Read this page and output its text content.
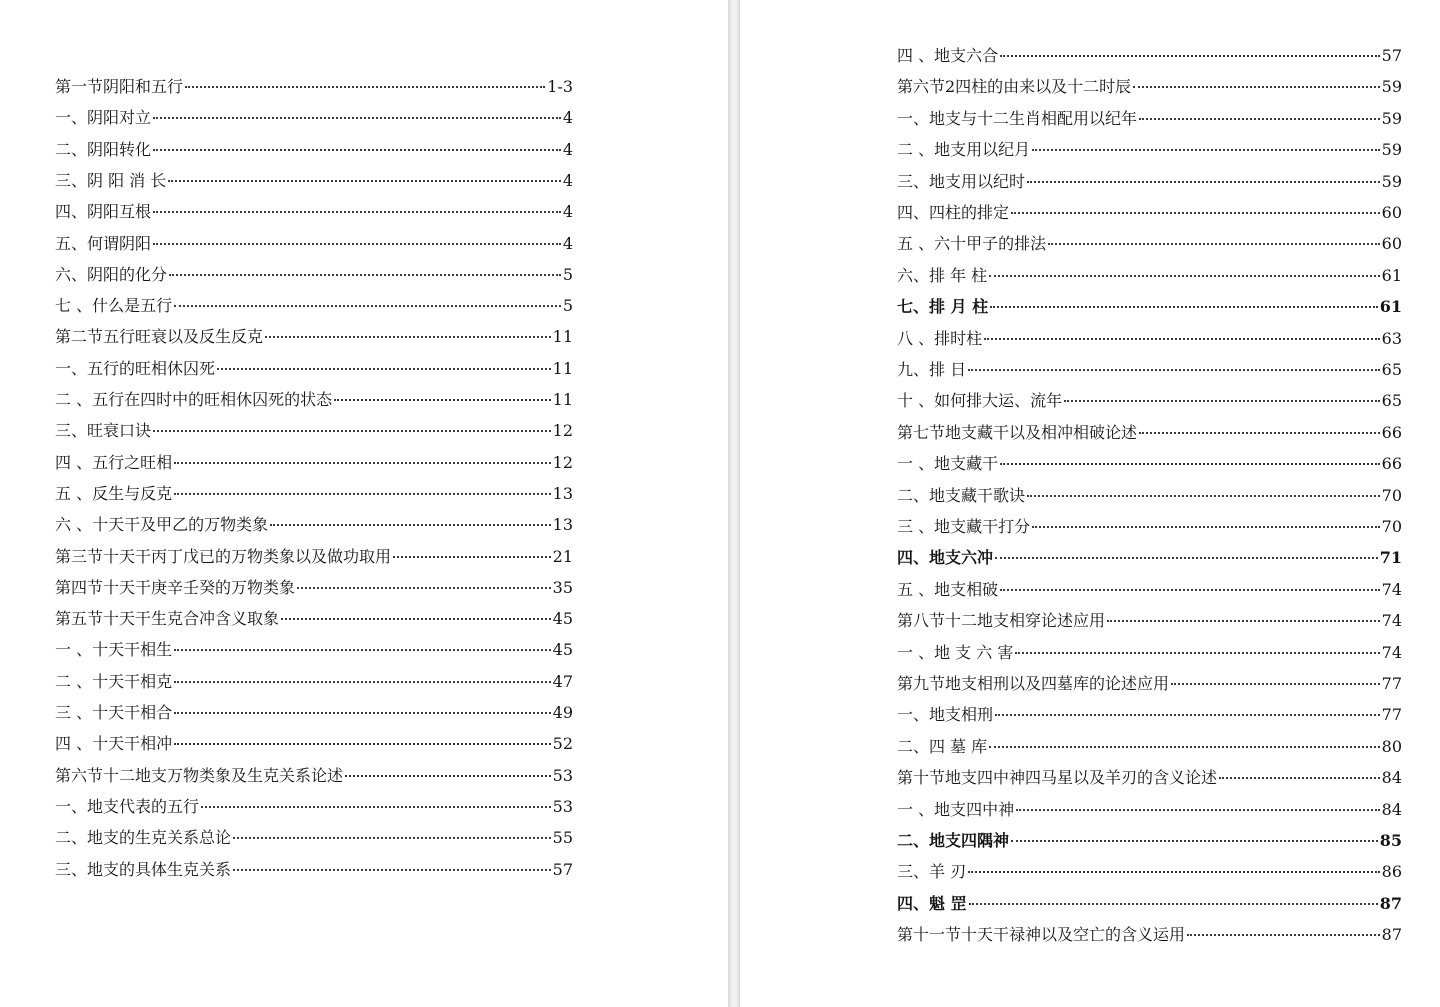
第一节阴阳和五行	1-3
一、阴阳对立	4
二、阴阳转化	4
三、阴 阳 消 长	4
四、阴阳互根	4
五、何谓阴阳	4
六、阴阳的化分	5
七 、什么是五行	5
第二节五行旺衰以及反生反克	11
一、五行的旺相休囚死	11
二 、五行在四时中的旺相休囚死的状态	11
三、旺衰口诀	12
四 、五行之旺相	12
五 、反生与反克	13
六 、十天干及甲乙的万物类象	13
第三节十天干丙丁戊已的万物类象以及做功取用	21
第四节十天干庚辛壬癸的万物类象	35
第五节十天干生克合冲含义取象	45
一 、十天干相生	45
二 、十天干相克	47
三 、十天干相合	49
四 、十天干相冲	52
第六节十二地支万物类象及生克关系论述	53
一、地支代表的五行	53
二、地支的生克关系总论	55
三、地支的具体生克关系	57
四 、地支六合	57
第六节2四柱的由来以及十二时辰	59
一、地支与十二生肖相配用以纪年	59
二 、地支用以纪月	59
三、地支用以纪时	59
四、四柱的排定	60
五 、六十甲子的排法	60
六、排 年 柱	61
七、排 月 柱	61
八 、排时柱	63
九、排 日	65
十 、如何排大运、流年	65
第七节地支藏干以及相冲相破论述	66
一 、地支藏干	66
二、地支藏干歌诀	70
三 、地支藏干打分	70
四、地支六冲	71
五 、地支相破	74
第八节十二地支相穿论述应用	74
一 、地 支 六 害	74
第九节地支相刑以及四墓库的论述应用	77
一、地支相刑	77
二、四 墓 库	80
第十节地支四中神四马星以及羊刃的含义论述	84
一 、地支四中神	84
二、地支四隅神	85
三、羊 刃	86
四、魁 罡	87
第十一节十天干禄神以及空亡的含义运用	87
